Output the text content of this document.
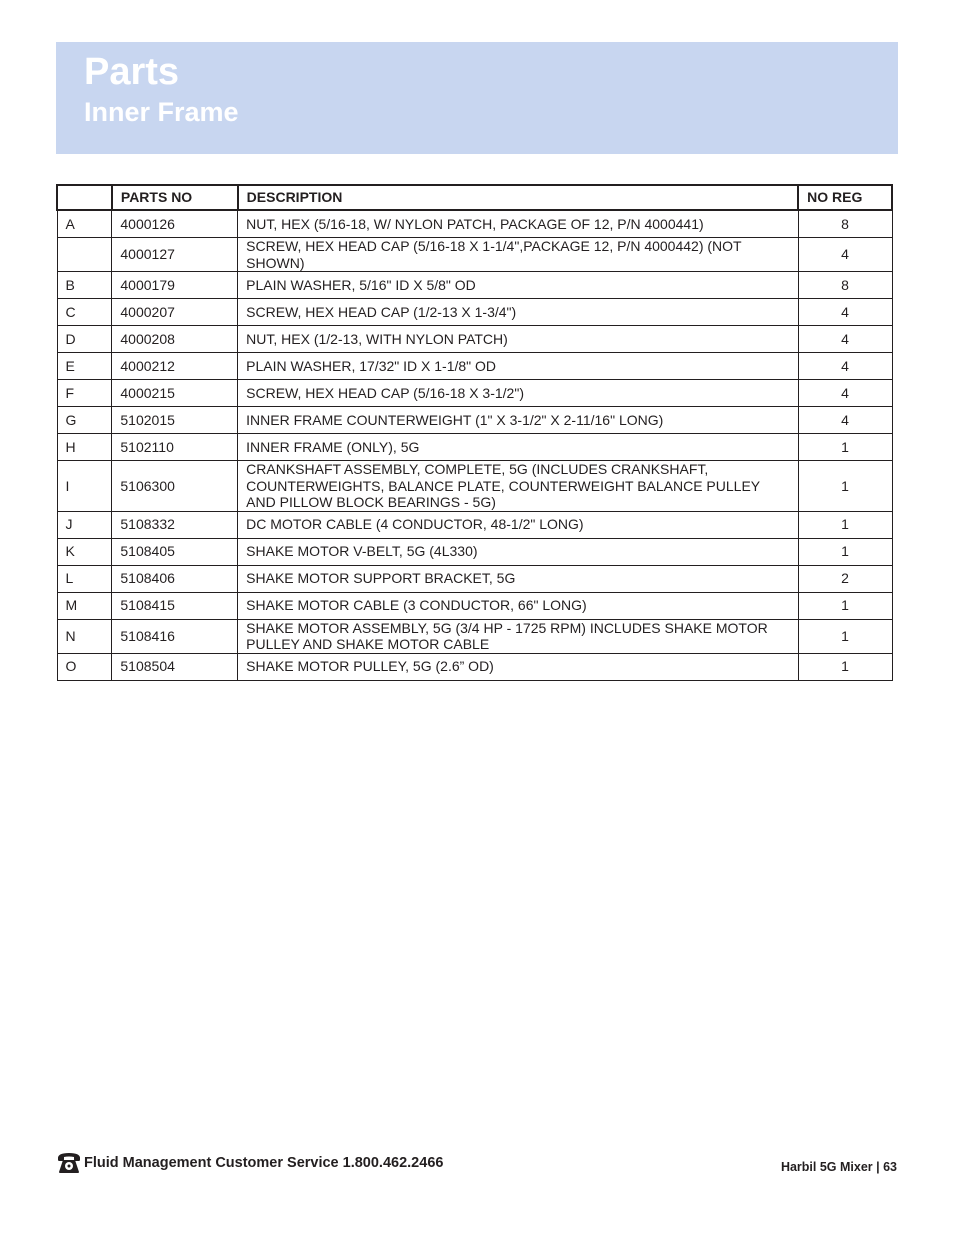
Parts
Inner Frame
	PARTS NO	DESCRIPTION	NO REG
A	4000126	NUT, HEX (5/16-18, W/ NYLON PATCH, PACKAGE OF 12, P/N 4000441)	8
	4000127	SCREW, HEX HEAD CAP (5/16-18 X 1-1/4",PACKAGE 12, P/N 4000442) (NOT SHOWN)	4
B	4000179	PLAIN WASHER, 5/16" ID X 5/8" OD	8
C	4000207	SCREW, HEX HEAD CAP (1/2-13 X 1-3/4")	4
D	4000208	NUT, HEX (1/2-13, WITH NYLON PATCH)	4
E	4000212	PLAIN WASHER, 17/32" ID X 1-1/8" OD	4
F	4000215	SCREW, HEX HEAD CAP (5/16-18 X 3-1/2")	4
G	5102015	INNER FRAME COUNTERWEIGHT (1" X 3-1/2" X 2-11/16" LONG)	4
H	5102110	INNER FRAME (ONLY), 5G	1
I	5106300	CRANKSHAFT ASSEMBLY, COMPLETE, 5G (INCLUDES CRANKSHAFT, COUNTERWEIGHTS, BALANCE PLATE, COUNTERWEIGHT BALANCE PULLEY AND PILLOW BLOCK BEARINGS - 5G)	1
J	5108332	DC MOTOR CABLE (4 CONDUCTOR, 48-1/2" LONG)	1
K	5108405	SHAKE MOTOR V-BELT, 5G (4L330)	1
L	5108406	SHAKE MOTOR SUPPORT BRACKET, 5G	2
M	5108415	SHAKE MOTOR CABLE (3 CONDUCTOR, 66" LONG)	1
N	5108416	SHAKE MOTOR ASSEMBLY, 5G (3/4 HP - 1725 RPM) INCLUDES SHAKE MOTOR PULLEY AND SHAKE MOTOR CABLE	1
O	5108504	SHAKE MOTOR PULLEY, 5G (2.6” OD)	1
Fluid Management Customer Service 1.800.462.2466	Harbil 5G Mixer | 63
